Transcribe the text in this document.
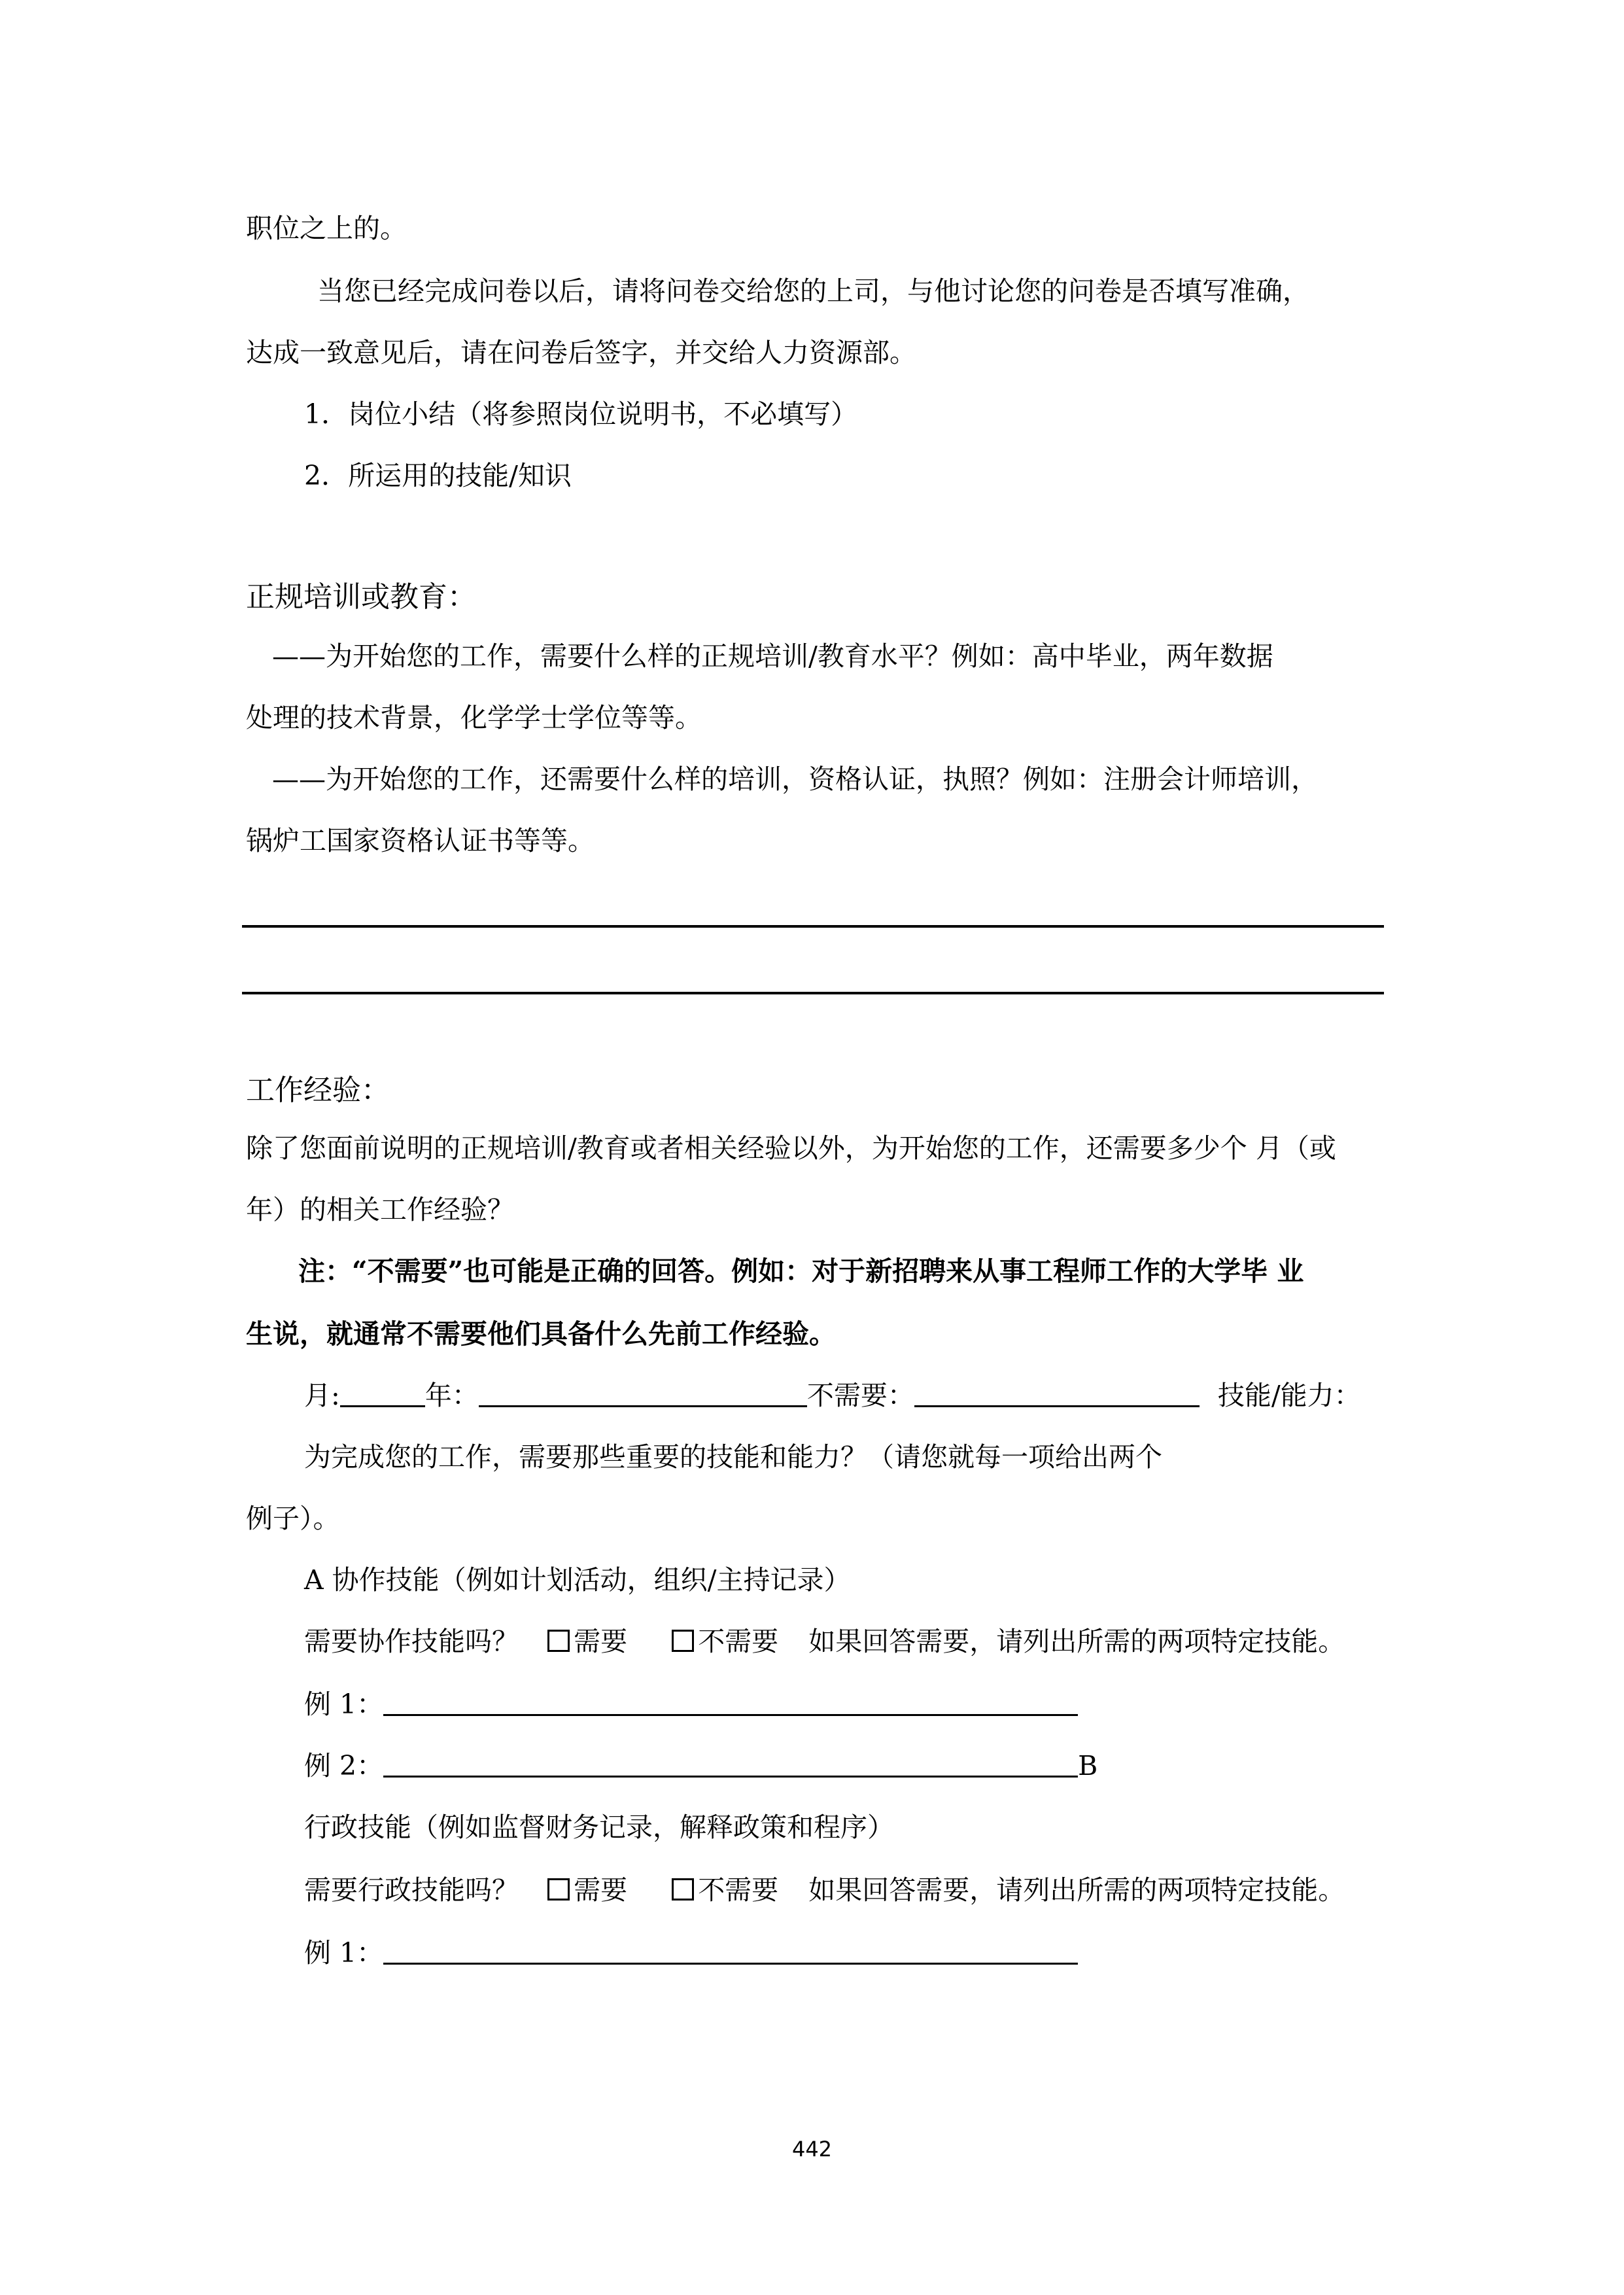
职位之上的。
当您已经完成问卷以后，请将问卷交给您的上司，与他讨论您的问卷是否填写准确，
达成一致意见后，请在问卷后签字，并交给人力资源部。
1．岗位小结（将参照岗位说明书，不必填写）
2．所运用的技能/知识
正规培训或教育：
——为开始您的工作，需要什么样的正规培训/教育水平？例如：高中毕业，两年数据
处理的技术背景，化学学士学位等等。
——为开始您的工作，还需要什么样的培训，资格认证，执照？例如：注册会计师培训，
锅炉工国家资格认证书等等。
工作经验：
除了您面前说明的正规培训/教育或者相关经验以外，为开始您的工作，还需要多少个 月（或
年）的相关工作经验？
注：“不需要”也可能是正确的回答。例如：对于新招聘来从事工程师工作的大学毕 业
生说，就通常不需要他们具备什么先前工作经验。
月:	年：	不需要：	技能/能力：
为完成您的工作，需要那些重要的技能和能力？（请您就每一项给出两个
例子）。
A 协作技能（例如计划活动，组织/主持记录）
需要协作技能吗？ 需要	不需要 如果回答需要，请列出所需的两项特定技能。
例 1：
例 2：	B
行政技能（例如监督财务记录，解释政策和程序）
需要行政技能吗？ 需要	不需要 如果回答需要，请列出所需的两项特定技能。
例 1：
442
